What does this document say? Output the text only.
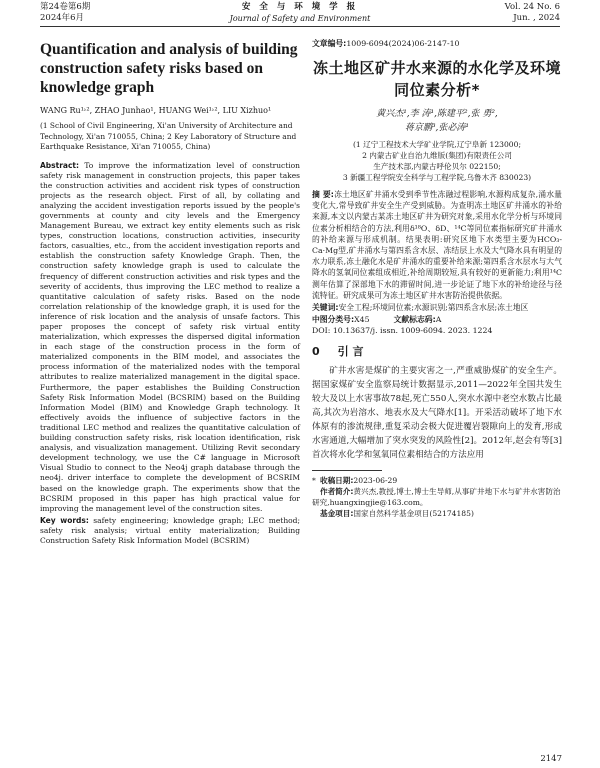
第24卷第6期
2024年6月
安 全 与 环 境 学 报
Journal of Safety and Environment
Vol. 24 No. 6
Jun. , 2024
Quantification and analysis of building construction safety risks based on knowledge graph
WANG Ru¹˒², ZHAO Junhao¹, HUANG Wei¹˒², LIU Xizhuo¹
(1 School of Civil Engineering, Xi'an University of Architecture and Technology, Xi'an 710055, China; 2 Key Laboratory of Structure and Earthquake Resistance, Xi'an 710055, China)

Abstract: To improve the informatization level of construction safety risk management in construction projects, this paper takes the construction activities and accident risk types of construction projects as the research object. First of all, by collating and analyzing the accident investigation reports issued by the people's governments at county and city levels and the Emergency Management Bureau, we extract key entity elements such as risk types, construction locations, construction activities, insecurity factors, casualties, etc., from the accident investigation reports and establish the construction safety Knowledge Graph. Then, the construction safety knowledge graph is used to calculate the frequency of different construction activities and risk types and the severity of accidents, thus improving the LEC method to realize a quantitative calculation of safety risks. Based on the node correlation relationship of the knowledge graph, it is used for the inference of risk location and the analysis of unsafe factors. This paper proposes the concept of safety risk virtual entity materialization, which expresses the dispersed digital information in each stage of the construction process in the form of materialized components in the BIM model, and associates the process information of the materialized nodes with the temporal attributes to realize materialized management in the digital space. Furthermore, the paper establishes the Building Construction Safety Risk Information Model (BCSRIM) based on the Building Information Model (BIM) and Knowledge Graph technology. It effectively avoids the influence of subjective factors in the traditional LEC method and realizes the quantitative calculation of building construction safety risks, risk location identification, risk analysis, and visualization management. Utilizing Revit secondary development technology, we use the C# language in Microsoft Visual Studio to connect to the Neo4j graph database through the neo4j. driver interface to complete the development of BCSRIM based on the knowledge graph. The experiments show that the BCSRIM proposed in this paper has high practical value for improving the management level of the construction sites.

Key words: safety engineering; knowledge graph; LEC method; safety risk analysis; virtual entity materialization; Building Construction Safety Risk Information Model (BCSRIM)

文章编号:1009-6094(2024)06-2147-10
冻土地区矿井水来源的水化学及环境同位素分析*
黄兴杰¹,李 涛¹,陈建平²,张 勇²,
蒋京鹏³,张必涛¹
(1 辽宁工程技术大学矿业学院,辽宁阜新 123000;
2 内蒙古矿业自治九维版(集团)有限责任公司
生产技术部,内蒙古呼伦贝尔 022150;
3 新疆工程学院安全科学与工程学院,乌鲁木齐 830023)

摘 要:冻土地区矿井涌水受到季节性冻融过程影响,水源构成复杂,涌水量变化大,常导致矿井安全生产受到威胁。为查明冻土地区矿井涌水的补给来源,本文以内蒙古某冻土地区矿井为研究对象,采用水化学分析与环境同位素分析相结合的方法,利用δ¹⁸O、δD、¹⁴C等同位素指标研究矿井涌水的补给来源与形成机制。结果表明:研究区地下水类型主要为HCO₃-Ca·Mg型,矿井涌水与第四系含水层、冻结层上水及大气降水具有明显的水力联系,冻土融化水是矿井涌水的重要补给来源;第四系含水层水与大气降水的氢氧同位素组成相近,补给周期较短,具有较好的更新能力;利用¹⁴C测年估算了深部地下水的滞留时间,进一步论证了地下水的补给途径与径流特征。研究成果可为冻土地区矿井水害防治提供依据。

关键词:安全工程;环境同位素;水源识别;第四系含水层;冻土地区

中图分类号:X45	文献标志码:A
DOI: 10.13637/j. issn. 1009-6094. 2023. 1224
0 引 言

矿井水害是煤矿的主要灾害之一,严重威胁煤矿的安全生产。据国家煤矿安全监察局统计数据显示,2011—2022年全国共发生较大及以上水害事故78起,死亡550人,突水水源中老空水数占比最高,其次为岩溶水、地表水及大气降水[1]。开采活动破坏了地下水体原有的渗流规律,重复采动会极大促进覆岩裂隙向上的发育,形成水害通道,大幅增加了突水突发的风险性[2]。2012年,赵会有等[3]首次将水化学和氢氧同位素相结合的方法应用

* 收稿日期:2023-06-29
作者简介:黄兴杰,教授,博士,博士生导师,从事矿井地下水与矿井水害防治研究,huangxingjie@163.com。
基金项目:国家自然科学基金项目(52174185)
2147
